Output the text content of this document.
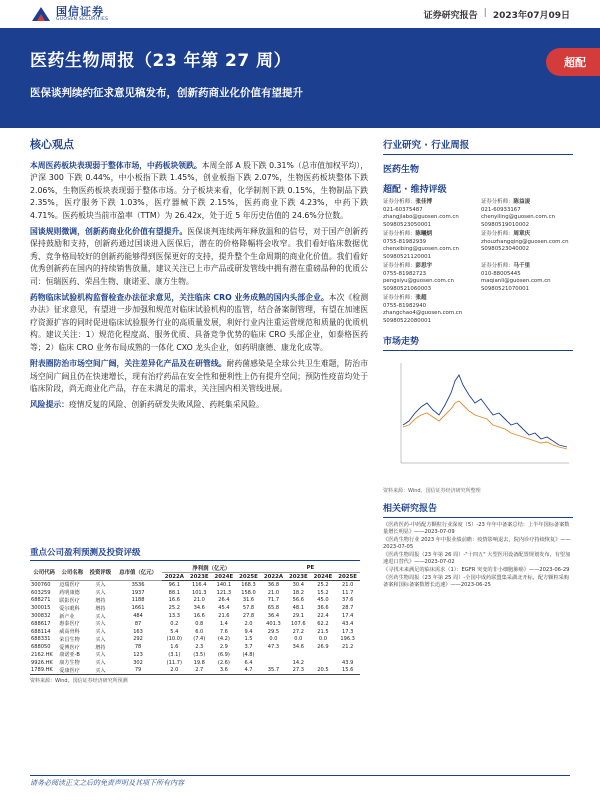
国信证券
GUOSEN SECURITIES	证券研究报告 | 2023年07月09日
医药生物周报（23 年第 27 周）
医保谈判续约征求意见稿发布，创新药商业化价值有望提升
超配
核心观点

本周医药板块表现弱于整体市场，中药板块领跌。本周全部 A 股下跌 0.31%（总市值加权平均），沪深 300 下跌 0.44%，中小板指下跌 1.45%，创业板指下跌 2.07%，生物医药板块整体下跌 2.06%，生物医药板块表现弱于整体市场。分子板块来看，化学制剂下跌 0.15%，生物制品下跌 2.35%，医疗服务下跌 1.03%，医疗器械下跌 2.15%，医药商业下跌 4.23%，中药下跌 4.71%。医药板块当前市盈率（TTM）为 26.42x，处于近 5 年历史估值的 24.6%分位数。

国谈规则微调，创新药商业化价值有望提升。医保谈判连续两年释放温和的信号，对于国产创新药保持鼓励和支持，创新药通过国谈进入医保后，潜在的价格降幅将会收窄。我们看好临床数据优秀、竞争格局较好的创新药能够得到医保更好的支持，提升整个生命周期的商业化价值。我们看好优秀创新药在国内的持续销售放量，建议关注已上市产品或研发管线中拥有潜在重磅品种的优质公司：恒瑞医药、荣昌生物、康诺亚、康方生物。

药物临床试验机构监督检查办法征求意见，关注临床 CRO 业务成熟的国内头部企业。本次《检测办法》征求意见，有望进一步加强和规范对临床试验机构的监管，结合备案制管理，有望在加速医疗资源扩容的同时促进临床试验服务行业的高质量发展，利好行业内注重运营规范和质量的优质机构。建议关注：1）规范化程度高、服务优质、具备竞争优势的临床 CRO 头部企业，如泰格医药等；2）临床 CRO 业务布局成熟的一体化 CXO 龙头企业，如药明康德、康龙化成等。

附表圈防治市场空间广阔，关注差异化产品及在研管线。耐药菌感染是全球公共卫生难题，防治市场空间广阔且仍在快速增长，现有治疗药品在安全性和便利性上仍有提升空间；预防性疫苗均处于临床阶段，尚无商业化产品，存在未满足的需求，关注国内相关管线进展。

风险提示：疫情反复的风险、创新药研发失败风险、药耗集采风险。

行业研究 · 行业周报
医药生物
超配 · 维持评级
证券分析师：张佳博
021-60375487
zhangjiabo@guosen.com.cn
S0980523050001
证券分析师：陈益凌
021-60933167
chenyiling@guosen.com.cn
S0980519010002
证券分析师：陈曦炳
0755-81982939
chenxibing@guosen.com.cn
S0980521120001
证券分析师：周章庆
zhouzhangqing@guosen.com.cn
S0980523040002
证券分析师：彭思宇
0755-81982723
pengsiyu@guosen.com.cn
S0980521060003
证券分析师：马千里
010-88005445
maqianli@guosen.com.cn
S0980521070001
证券分析师：张超
0755-81982940
zhangchao4@guosen.com.cn
S0980522080001
市场走势
资料来源：Wind、国信证券经济研究所整理
相关研究报告
《医药医药-中药配方颗粒行业深度（5）-23 年年中备案总结：上半年国标备案数量增长明显》——2023-07-09
《医药生物行业 2023 年中报业绩前瞻：疫情影响退去，院内诊疗持续恢复》——2023-07-05
《医药生物周报（23 年第 26 周）-"十四五" 大型医用设备配置规划发布，有望加速进口替代》——2023-07-02
《寻找未来满足的临床需求（1）：EGFR 突变的非小细胞肺癌》——2023-06-29
《医药生物周报（23 年第 25 周）-全国中成药联盟集采湖北开标，配方颗粒采购备案和国标备案数增长迅速》——2023-06-25
重点公司盈利预测及投资评级
公司代码	公司名称	投资评级	总市值（亿元）	净利润（亿元）				PE			
				2022A	2023E	2024E	2025E	2022A	2023E	2024E	2025E
300760	迈瑞医疗	买入	3536	96.1	116.4	140.1	168.3	36.8	30.4	25.2	21.0
603259	药明康德	买入	1937	88.1	101.3	121.3	158.0	21.0	18.2	15.2	11.7
688271	联影医疗	增持	1188	16.6	21.0	26.4	31.6	71.7	56.6	45.0	37.6
300015	爱尔眼科	增持	1661	25.2	34.6	45.4	57.8	65.8	48.1	36.6	28.7
300832	新产业	买入	484	13.3	16.6	21.6	27.8	36.4	29.1	22.4	17.4
688617	惠泰医疗	买入	87	0.2	0.8	1.4	2.0	401.3	107.6	62.2	43.4
688114	威高骨科	买入	163	5.4	6.0	7.6	9.4	29.5	27.2	21.5	17.3
688331	荣昌生物	买入	292	(10.0)	(7.4)	(4.2)	1.5	0.0	0.0	0.0	196.3
688050	爱博医疗	增持	78	1.6	2.3	2.9	3.7	47.3	34.6	26.9	21.2
2162.HK	康诺亚-B	买入	123	(3.1)	(3.5)	(6.9)	(4.8)				
9926.HK	康方生物	买入	302	(11.7)	19.8	(2.6)	6.4		14.2		43.9
1789.HK	爱康医疗	买入	79	2.0	2.7	3.6	4.7	35.7	27.3	20.5	15.6
资料来源：Wind、国信证券经济研究所预测
请务必阅读正文之后的免责声明及其项下所有内容
